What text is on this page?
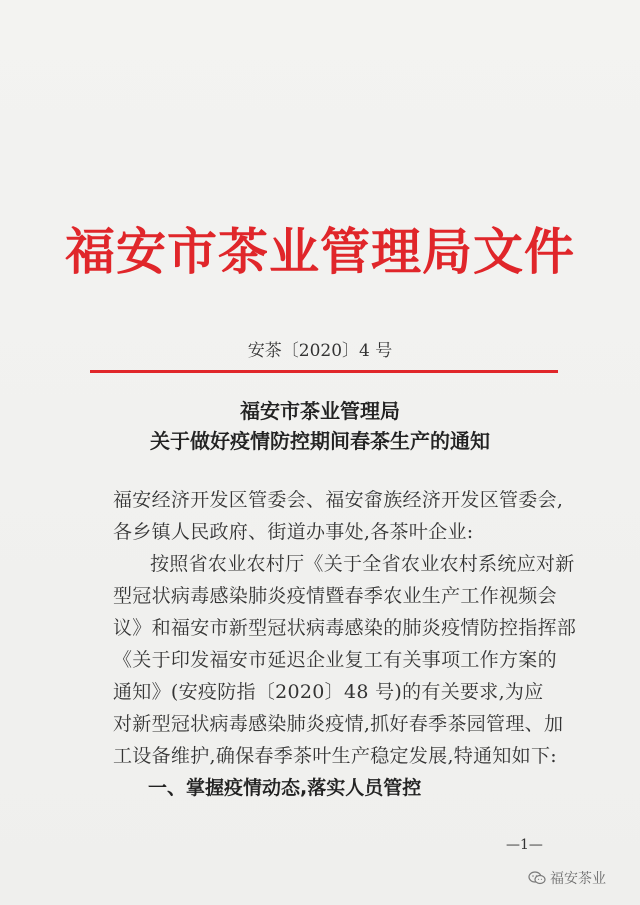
福安市茶业管理局文件
安茶〔2020〕4 号
福安市茶业管理局
关于做好疫情防控期间春茶生产的通知
福安经济开发区管委会、福安畲族经济开发区管委会,
各乡镇人民政府、街道办事处,各茶叶企业:
按照省农业农村厅《关于全省农业农村系统应对新
型冠状病毒感染肺炎疫情暨春季农业生产工作视频会
议》和福安市新型冠状病毒感染的肺炎疫情防控指挥部
《关于印发福安市延迟企业复工有关事项工作方案的
通知》(安疫防指〔2020〕48 号)的有关要求,为应
对新型冠状病毒感染肺炎疫情,抓好春季茶园管理、加
工设备维护,确保春季茶叶生产稳定发展,特通知如下:
一、掌握疫情动态,落实人员管控
—1—
福安茶业
